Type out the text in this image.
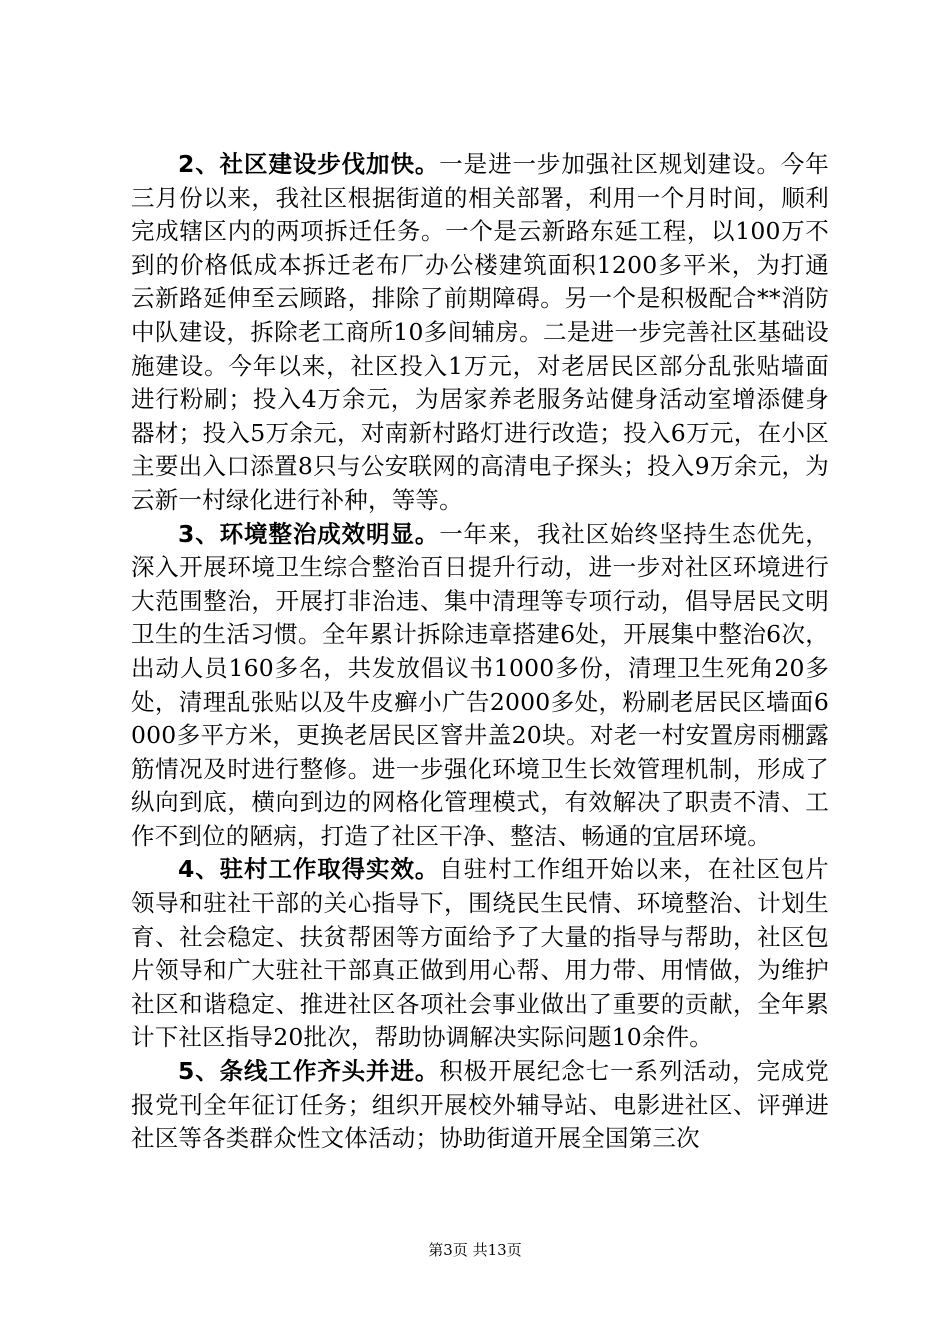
2、社区建设步伐加快。一是进一步加强社区规划建设。今年三月份以来，我社区根据街道的相关部署，利用一个月时间，顺利完成辖区内的两项拆迁任务。一个是云新路东延工程，以100万不到的价格低成本拆迁老布厂办公楼建筑面积1200多平米，为打通云新路延伸至云顾路，排除了前期障碍。另一个是积极配合**消防中队建设，拆除老工商所10多间辅房。二是进一步完善社区基础设施建设。今年以来，社区投入1万元，对老居民区部分乱张贴墙面进行粉刷；投入4万余元，为居家养老服务站健身活动室增添健身器材；投入5万余元，对南新村路灯进行改造；投入6万元，在小区主要出入口添置8只与公安联网的高清电子探头；投入9万余元，为云新一村绿化进行补种，等等。

3、环境整治成效明显。一年来，我社区始终坚持生态优先，深入开展环境卫生综合整治百日提升行动，进一步对社区环境进行大范围整治，开展打非治违、集中清理等专项行动，倡导居民文明卫生的生活习惯。全年累计拆除违章搭建6处，开展集中整治6次，出动人员160多名，共发放倡议书1000多份，清理卫生死角20多处，清理乱张贴以及牛皮癣小广告2000多处，粉刷老居民区墙面6000多平方米，更换老居民区窨井盖20块。对老一村安置房雨棚露筋情况及时进行整修。进一步强化环境卫生长效管理机制，形成了纵向到底，横向到边的网格化管理模式，有效解决了职责不清、工作不到位的陋病，打造了社区干净、整洁、畅通的宜居环境。

4、驻村工作取得实效。自驻村工作组开始以来，在社区包片领导和驻社干部的关心指导下，围绕民生民情、环境整治、计划生育、社会稳定、扶贫帮困等方面给予了大量的指导与帮助，社区包片领导和广大驻社干部真正做到用心帮、用力带、用情做，为维护社区和谐稳定、推进社区各项社会事业做出了重要的贡献，全年累计下社区指导20批次，帮助协调解决实际问题10余件。

5、条线工作齐头并进。积极开展纪念七一系列活动，完成党报党刊全年征订任务；组织开展校外辅导站、电影进社区、评弹进社区等各类群众性文体活动；协助街道开展全国第三次

第3页 共13页
